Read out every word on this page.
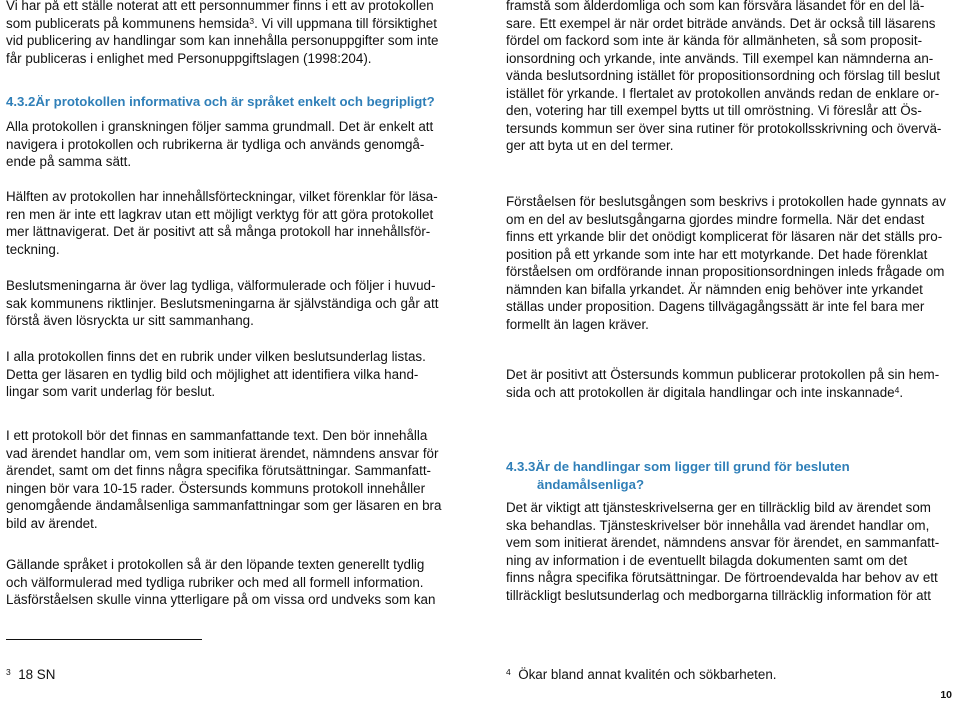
Vi har på ett ställe noterat att ett personnummer finns i ett av protokollen
som publicerats på kommunens hemsida$^3$. Vi vill uppmana till försiktighet
vid publicering av handlingar som kan innehålla personuppgifter som inte
får publiceras i enlighet med Personuppgiftslagen (1998:204).

4.3.2Är protokollen informativa och är språket enkelt och begripligt?

Alla protokollen i granskningen följer samma grundmall. Det är enkelt att
navigera i protokollen och rubrikerna är tydliga och används genomgå-
ende på samma sätt.

Hälften av protokollen har innehållsförteckningar, vilket förenklar för läsa-
ren men är inte ett lagkrav utan ett möjligt verktyg för att göra protokollet
mer lättnavigerat. Det är positivt att så många protokoll har innehållsför-
teckning.

Beslutsmeningarna är över lag tydliga, välformulerade och följer i huvud-
sak kommunens riktlinjer. Beslutsmeningarna är självständiga och går att
förstå även lösryckta ur sitt sammanhang.

I alla protokollen finns det en rubrik under vilken beslutsunderlag listas.
Detta ger läsaren en tydlig bild och möjlighet att identifiera vilka hand-
lingar som varit underlag för beslut.

I ett protokoll bör det finnas en sammanfattande text. Den bör innehålla
vad ärendet handlar om, vem som initierat ärendet, nämndens ansvar för
ärendet, samt om det finns några specifika förutsättningar. Sammanfatt-
ningen bör vara 10-15 rader. Östersunds kommuns protokoll innehåller
genomgående ändamålsenliga sammanfattningar som ger läsaren en bra
bild av ärendet.

Gällande språket i protokollen så är den löpande texten generellt tydlig
och välformulerad med tydliga rubriker och med all formell information.
Läsförståelsen skulle vinna ytterligare på om vissa ord undveks som kan

framstå som ålderdomliga och som kan försvåra läsandet för en del lä-
sare. Ett exempel är när ordet biträde används. Det är också till läsarens
fördel om fackord som inte är kända för allmänheten, så som proposit-
ionsordning och yrkande, inte används. Till exempel kan nämnderna an-
vända beslutsordning istället för propositionsordning och förslag till beslut
istället för yrkande. I flertalet av protokollen används redan de enklare or-
den, votering har till exempel bytts ut till omröstning. Vi föreslår att Ös-
tersunds kommun ser över sina rutiner för protokollsskrivning och övervä-
ger att byta ut en del termer.

Förståelsen för beslutsgången som beskrivs i protokollen hade gynnats av
om en del av beslutsgångarna gjordes mindre formella. När det endast
finns ett yrkande blir det onödigt komplicerat för läsaren när det ställs pro-
position på ett yrkande som inte har ett motyrkande. Det hade förenklat
förståelsen om ordförande innan propositionsordningen inleds frågade om
nämnden kan bifalla yrkandet. Är nämnden enig behöver inte yrkandet
ställas under proposition. Dagens tillvägagångssätt är inte fel bara mer
formellt än lagen kräver.

Det är positivt att Östersunds kommun publicerar protokollen på sin hem-
sida och att protokollen är digitala handlingar och inte inskannade$^4$.

4.3.3Är de handlingar som ligger till grund för besluten
ändamålsenliga?

Det är viktigt att tjänsteskrivelserna ger en tillräcklig bild av ärendet som
ska behandlas. Tjänsteskrivelser bör innehålla vad ärendet handlar om,
vem som initierat ärendet, nämndens ansvar för ärendet, en sammanfatt-
ning av information i de eventuellt bilagda dokumenten samt om det
finns några specifika förutsättningar. De förtroendevalda har behov av ett
tillräckligt beslutsunderlag och medborgarna tillräcklig information för att

$^3$ 18 SN	$^4$ Ökar bland annat kvalitén och sökbarheten.
10
